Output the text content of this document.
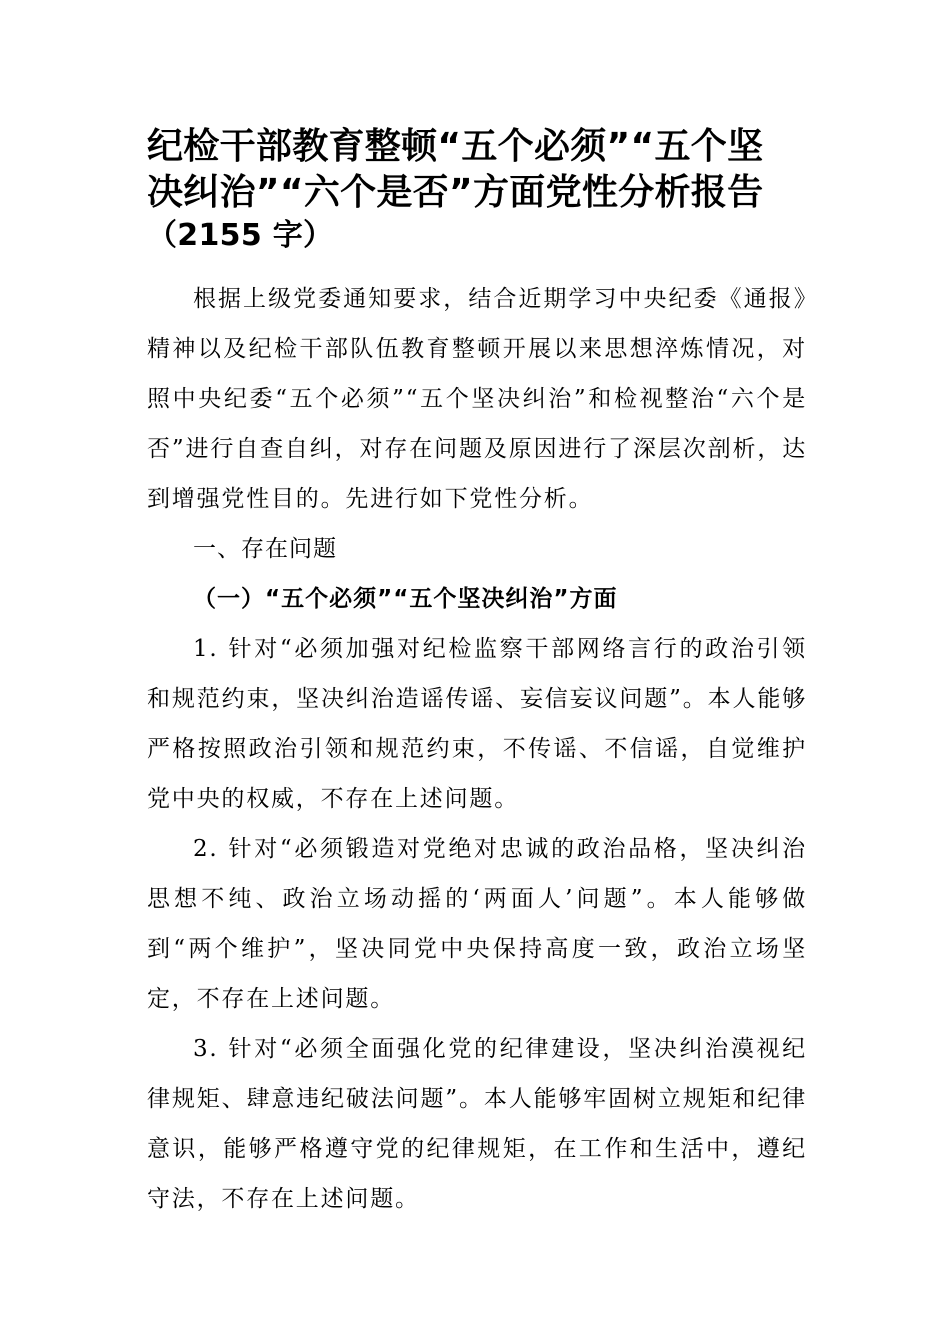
纪检干部教育整顿“五个必须”“五个坚
决纠治”“六个是否”方面党性分析报告
（2155 字）

根据上级党委通知要求，结合近期学习中央纪委《通报》精神以及纪检干部队伍教育整顿开展以来思想淬炼情况，对照中央纪委“五个必须”“五个坚决纠治”和检视整治“六个是否”进行自查自纠，对存在问题及原因进行了深层次剖析，达到增强党性目的。先进行如下党性分析。

一、存在问题

（一）“五个必须”“五个坚决纠治”方面

1. 针对“必须加强对纪检监察干部网络言行的政治引领和规范约束，坚决纠治造谣传谣、妄信妄议问题”。本人能够严格按照政治引领和规范约束，不传谣、不信谣，自觉维护党中央的权威，不存在上述问题。

2. 针对“必须锻造对党绝对忠诚的政治品格，坚决纠治思想不纯、政治立场动摇的‘两面人’问题”。本人能够做到“两个维护”，坚决同党中央保持高度一致，政治立场坚定，不存在上述问题。

3. 针对“必须全面强化党的纪律建设，坚决纠治漠视纪律规矩、肆意违纪破法问题”。本人能够牢固树立规矩和纪律意识，能够严格遵守党的纪律规矩，在工作和生活中，遵纪守法，不存在上述问题。
